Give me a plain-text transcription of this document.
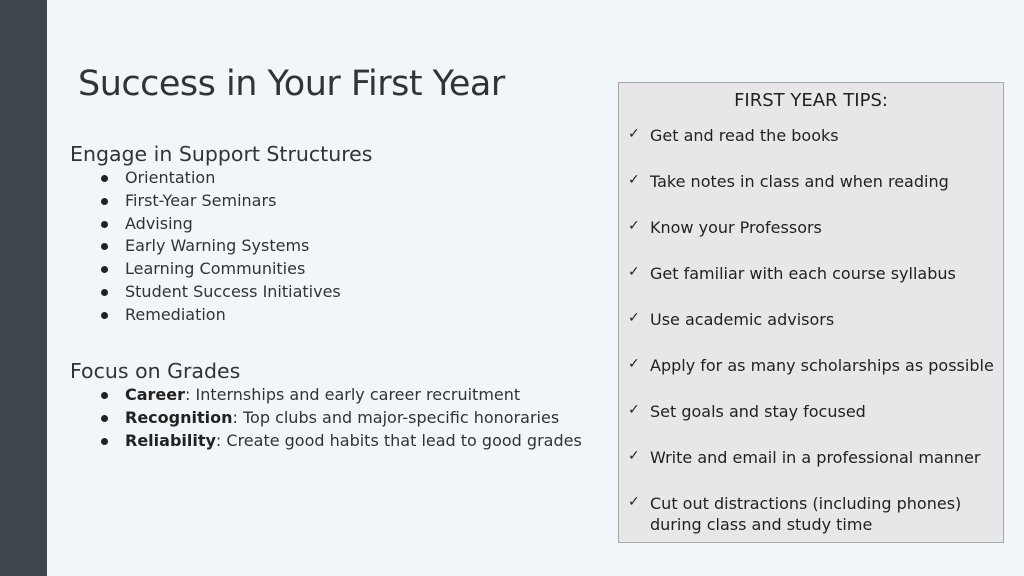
Success in Your First Year

Engage in Support Structures

Orientation
First-Year Seminars
Advising
Early Warning Systems
Learning Communities
Student Success Initiatives
Remediation

Focus on Grades

Career: Internships and early career recruitment
Recognition: Top clubs and major-specific honoraries
Reliability: Create good habits that lead to good grades

FIRST YEAR TIPS:

✓ Get and read the books
✓ Take notes in class and when reading
✓ Know your Professors
✓ Get familiar with each course syllabus
✓ Use academic advisors
✓ Apply for as many scholarships as possible
✓ Set goals and stay focused
✓ Write and email in a professional manner
✓ Cut out distractions (including phones) during class and study time
